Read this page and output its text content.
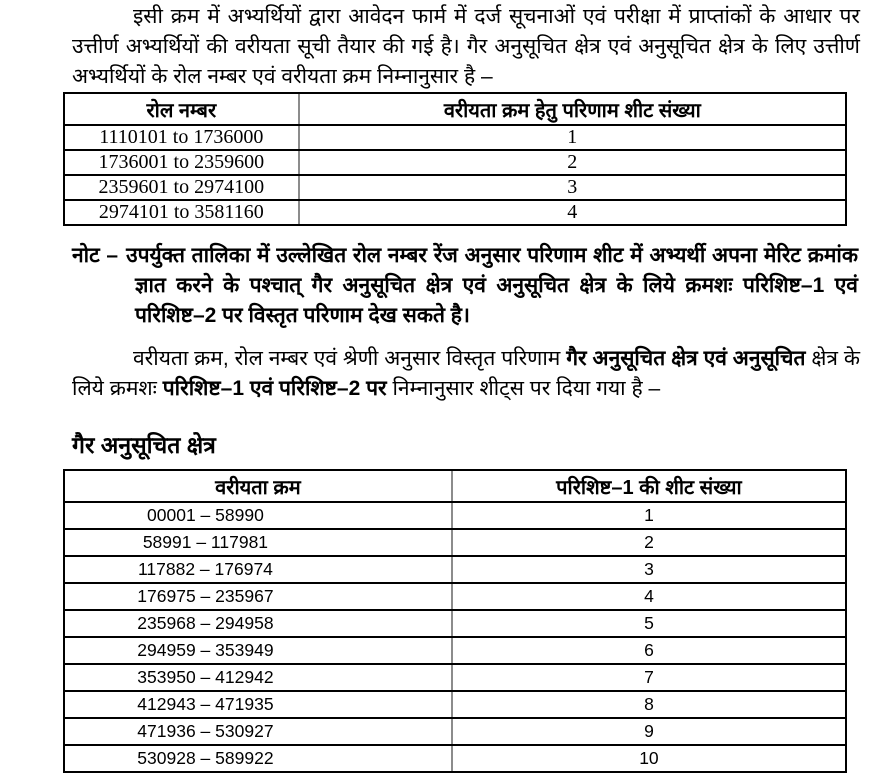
इसी क्रम में अभ्यर्थियों द्वारा आवेदन फार्म में दर्ज सूचनाओं एवं परीक्षा में प्राप्तांकों के आधार पर उत्तीर्ण अभ्यर्थियों की वरीयता सूची तैयार की गई है। गैर अनुसूचित क्षेत्र एवं अनुसूचित क्षेत्र के लिए उत्तीर्ण अभ्यर्थियों के रोल नम्बर एवं वरीयता क्रम निम्नानुसार है –

रोल नम्बर	वरीयता क्रम हेतु परिणाम शीट संख्या
1110101 to 1736000	1
1736001 to 2359600	2
2359601 to 2974100	3
2974101 to 3581160	4

नोट – उपर्युक्त तालिका में उल्लेखित रोल नम्बर रेंज अनुसार परिणाम शीट में अभ्यर्थी अपना मेरिट क्रमांक ज्ञात करने के पश्चात् गैर अनुसूचित क्षेत्र एवं अनुसूचित क्षेत्र के लिये क्रमशः परिशिष्ट–1 एवं परिशिष्ट–2 पर विस्तृत परिणाम देख सकते है।

वरीयता क्रम, रोल नम्बर एवं श्रेणी अनुसार विस्तृत परिणाम गैर अनुसूचित क्षेत्र एवं अनुसूचित क्षेत्र के लिये क्रमशः परिशिष्ट–1 एवं परिशिष्ट–2 पर निम्नानुसार शीट्स पर दिया गया है –

गैर अनुसूचित क्षेत्र
वरीयता क्रम	परिशिष्ट–1 की शीट संख्या
00001 – 58990	1
58991 – 117981	2
117882 – 176974	3
176975 – 235967	4
235968 – 294958	5
294959 – 353949	6
353950 – 412942	7
412943 – 471935	8
471936 – 530927	9
530928 – 589922	10
